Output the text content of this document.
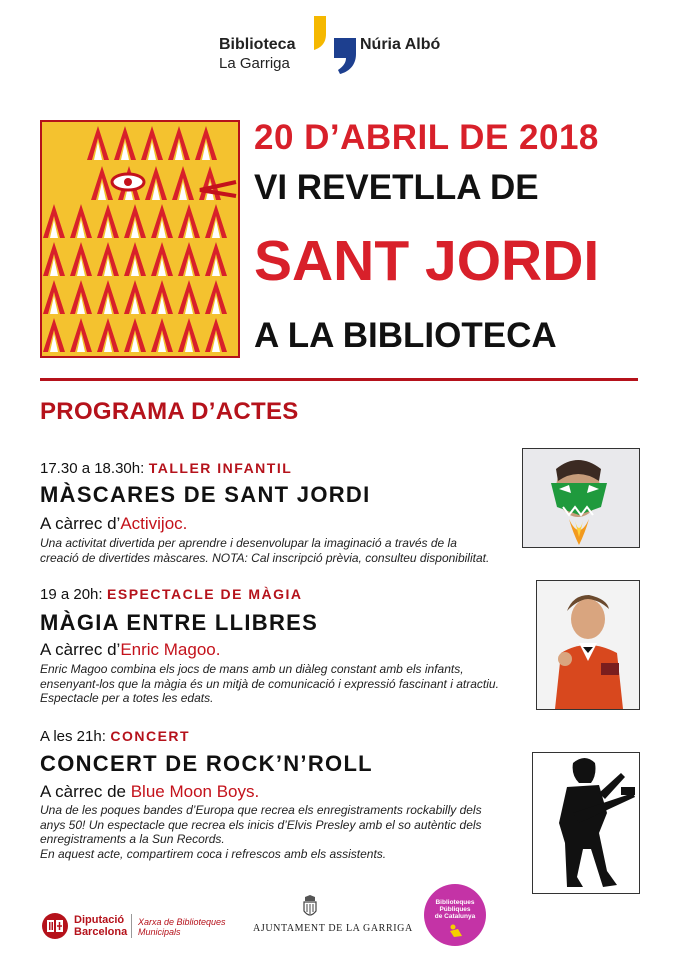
Biblioteca
La Garriga
Núria Albó
20 D’ABRIL DE 2018
VI REVETLLA DE
SANT JORDI
A LA BIBLIOTECA
PROGRAMA D’ACTES
17.30 a 18.30h: TALLER INFANTIL
MÀSCARES DE SANT JORDI
A càrrec d’Activijoc.
Una activitat divertida per aprendre i desenvolupar la imaginació a través de la
creació de divertides màscares. NOTA: Cal inscripció prèvia, consulteu disponibilitat.
19 a 20h: ESPECTACLE DE MÀGIA
MÀGIA ENTRE LLIBRES
A càrrec d’Enric Magoo.
Enric Magoo combina els jocs de mans amb un diàleg constant amb els infants,
ensenyant-los que la màgia és un mitjà de comunicació i expressió fascinant i atractiu.
Espectacle per a totes les edats.
A les 21h: CONCERT
CONCERT DE ROCK’N’ROLL
A càrrec de Blue Moon Boys.
Una de les poques bandes d’Europa que recrea els enregistraments rockabilly dels
anys 50! Un espectacle que recrea els inicis d’Elvis Presley amb el so autèntic dels
enregistraments a la Sun Records.
En aquest acte, compartirem coca i refrescos amb els assistents.
Diputació
Barcelona
Xarxa de Biblioteques
Municipals	AJUNTAMENT DE LA GARRIGA
Biblioteques
Públiques
de Catalunya
